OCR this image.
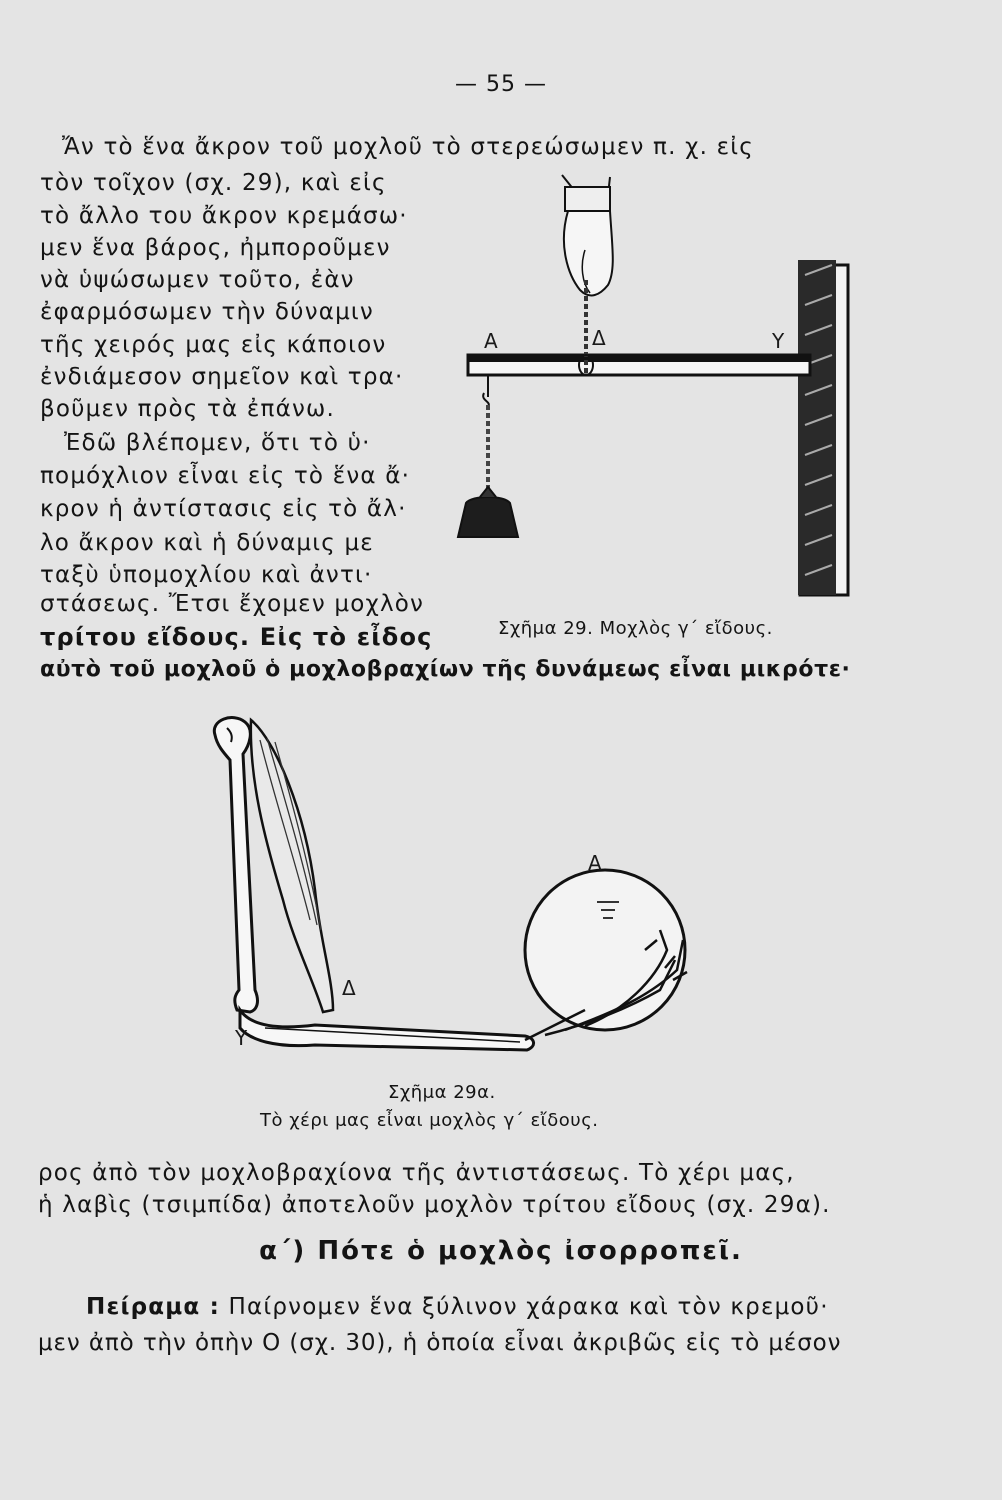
— 55 —
Ἄν τὸ ἕνα ἄκρον τοῦ μοχλοῦ τὸ στερεώσωμεν π. χ. εἰς
τὸν τοῖχον (σχ. 29), καὶ εἰς
τὸ ἄλλο του ἄκρον κρεμάσω·
μεν ἕνα βάρος, ἠμποροῦμεν
νὰ ὑψώσωμεν τοῦτο, ἐὰν
ἐφαρμόσωμεν τὴν δύναμιν
τῆς χειρός μας εἰς κάποιον
ἐνδιάμεσον σημεῖον καὶ τρα·
βοῦμεν πρὸς τὰ ἐπάνω.
Ἐδῶ βλέπομεν, ὅτι τὸ ὑ·
πομόχλιον εἶναι εἰς τὸ ἕνα ἄ·
κρον ἡ ἀντίστασις εἰς τὸ ἄλ·
λο ἄκρον καὶ ἡ δύναμις με
ταξὺ ὑπομοχλίου καὶ ἀντι·
στάσεως. Ἔτσι ἔχομεν μοχλὸν
τρίτου εἴδους. Εἰς τὸ εἶδος
αὐτὸ τοῦ μοχλοῦ ὁ μοχλοβραχίων τῆς δυνάμεως εἶναι μικρότε·
Α	Δ	Υ
Σχῆμα 29. Μοχλὸς γ΄ εἴδους.
Α
Δ
Υ
Σχῆμα 29α.
Τὸ χέρι μας εἶναι μοχλὸς γ΄ εἴδους.
ρος ἀπὸ τὸν μοχλοβραχίονα τῆς ἀντιστάσεως. Τὸ χέρι μας,
ἡ λαβὶς (τσιμπίδα) ἀποτελοῦν μοχλὸν τρίτου εἴδους (σχ. 29α).
α΄) Πότε ὁ μοχλὸς ἰσορροπεῖ.
Πείραμα : Παίρνομεν ἕνα ξύλινον χάρακα καὶ τὸν κρεμοῦ·
μεν ἀπὸ τὴν ὀπὴν Ο (σχ. 30), ἡ ὁποία εἶναι ἀκριβῶς εἰς τὸ μέσον
